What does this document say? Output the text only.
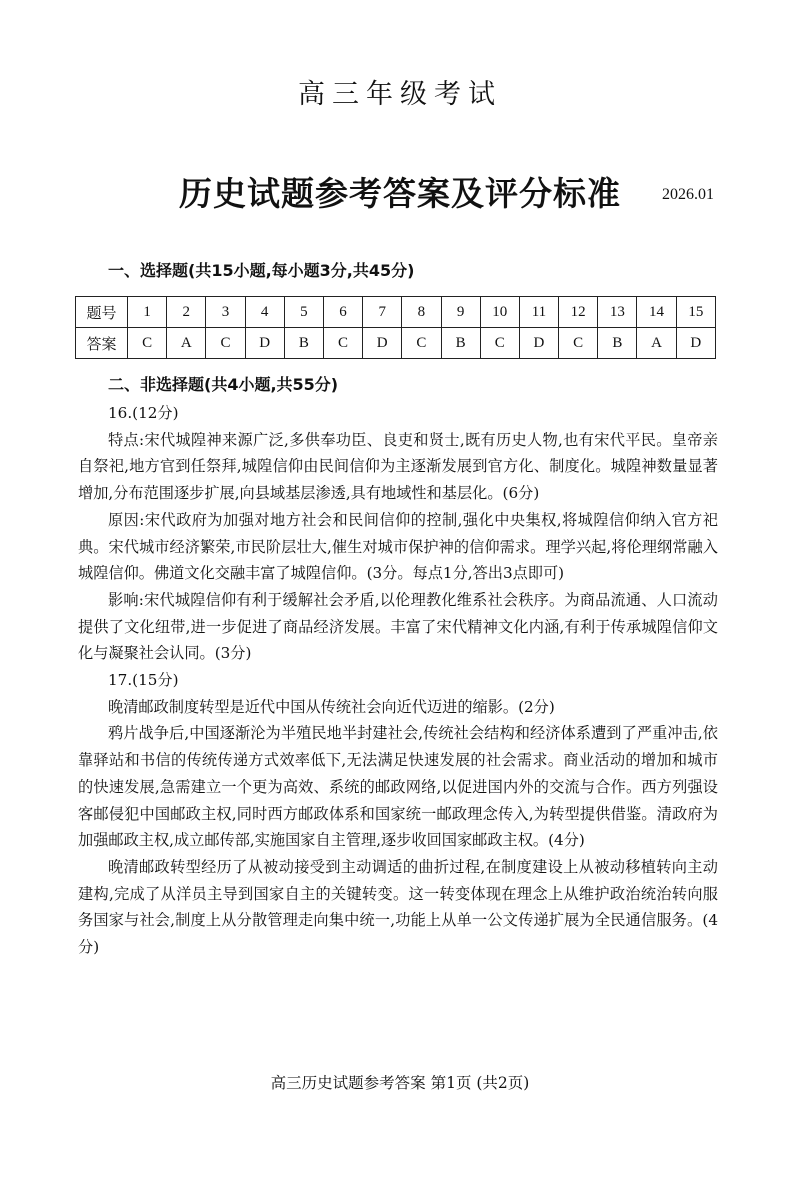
高三年级考试
历史试题参考答案及评分标准	2026.01
一、选择题(共15小题,每小题3分,共45分)
题号	1	2	3	4	5	6	7	8	9	10	11	12	13	14	15
答案	C	A	C	D	B	C	D	C	B	C	D	C	B	A	D
二、非选择题(共4小题,共55分)

16.(12分)

特点:宋代城隍神来源广泛,多供奉功臣、良吏和贤士,既有历史人物,也有宋代平民。皇帝亲自祭祀,地方官到任祭拜,城隍信仰由民间信仰为主逐渐发展到官方化、制度化。城隍神数量显著增加,分布范围逐步扩展,向县域基层渗透,具有地域性和基层化。(6分)

原因:宋代政府为加强对地方社会和民间信仰的控制,强化中央集权,将城隍信仰纳入官方祀典。宋代城市经济繁荣,市民阶层壮大,催生对城市保护神的信仰需求。理学兴起,将伦理纲常融入城隍信仰。佛道文化交融丰富了城隍信仰。(3分。每点1分,答出3点即可)

影响:宋代城隍信仰有利于缓解社会矛盾,以伦理教化维系社会秩序。为商品流通、人口流动提供了文化纽带,进一步促进了商品经济发展。丰富了宋代精神文化内涵,有利于传承城隍信仰文化与凝聚社会认同。(3分)

17.(15分)

晚清邮政制度转型是近代中国从传统社会向近代迈进的缩影。(2分)

鸦片战争后,中国逐渐沦为半殖民地半封建社会,传统社会结构和经济体系遭到了严重冲击,依靠驿站和书信的传统传递方式效率低下,无法满足快速发展的社会需求。商业活动的增加和城市的快速发展,急需建立一个更为高效、系统的邮政网络,以促进国内外的交流与合作。西方列强设客邮侵犯中国邮政主权,同时西方邮政体系和国家统一邮政理念传入,为转型提供借鉴。清政府为加强邮政主权,成立邮传部,实施国家自主管理,逐步收回国家邮政主权。(4分)

晚清邮政转型经历了从被动接受到主动调适的曲折过程,在制度建设上从被动移植转向主动建构,完成了从洋员主导到国家自主的关键转变。这一转变体现在理念上从维护政治统治转向服务国家与社会,制度上从分散管理走向集中统一,功能上从单一公文传递扩展为全民通信服务。(4分)

高三历史试题参考答案 第1页 (共2页)
